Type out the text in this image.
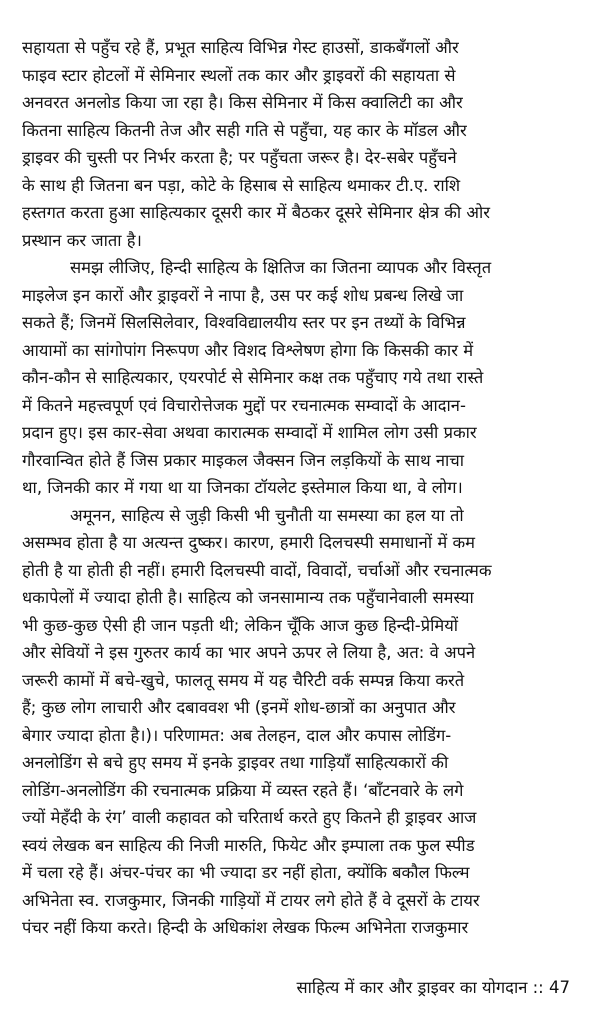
सहायता से पहुँच रहे हैं, प्रभूत साहित्य विभिन्न गेस्ट हाउसों, डाकबँगलों और
फाइव स्टार होटलों में सेमिनार स्थलों तक कार और ड्राइवरों की सहायता से
अनवरत अनलोड किया जा रहा है। किस सेमिनार में किस क्वालिटी का और
कितना साहित्य कितनी तेज और सही गति से पहुँचा, यह कार के मॉडल और
ड्राइवर की चुस्ती पर निर्भर करता है; पर पहुँचता जरूर है। देर-सबेर पहुँचने
के साथ ही जितना बन पड़ा, कोटे के हिसाब से साहित्य थमाकर टी.ए. राशि
हस्तगत करता हुआ साहित्यकार दूसरी कार में बैठकर दूसरे सेमिनार क्षेत्र की ओर
प्रस्थान कर जाता है।

समझ लीजिए, हिन्दी साहित्य के क्षितिज का जितना व्यापक और विस्तृत
माइलेज इन कारों और ड्राइवरों ने नापा है, उस पर कई शोध प्रबन्ध लिखे जा
सकते हैं; जिनमें सिलसिलेवार, विश्वविद्यालयीय स्तर पर इन तथ्यों के विभिन्न
आयामों का सांगोपांग निरूपण और विशद विश्लेषण होगा कि किसकी कार में
कौन-कौन से साहित्यकार, एयरपोर्ट से सेमिनार कक्ष तक पहुँचाए गये तथा रास्ते
में कितने महत्त्वपूर्ण एवं विचारोत्तेजक मुद्दों पर रचनात्मक सम्वादों के आदान-
प्रदान हुए। इस कार-सेवा अथवा कारात्मक सम्वादों में शामिल लोग उसी प्रकार
गौरवान्वित होते हैं जिस प्रकार माइकल जैक्सन जिन लड़कियों के साथ नाचा
था, जिनकी कार में गया था या जिनका टॉयलेट इस्तेमाल किया था, वे लोग।

अमूनन, साहित्य से जुड़ी किसी भी चुनौती या समस्या का हल या तो
असम्भव होता है या अत्यन्त दुष्कर। कारण, हमारी दिलचस्पी समाधानों में कम
होती है या होती ही नहीं। हमारी दिलचस्पी वादों, विवादों, चर्चाओं और रचनात्मक
धकापेलों में ज्यादा होती है। साहित्य को जनसामान्य तक पहुँचानेवाली समस्या
भी कुछ-कुछ ऐसी ही जान पड़ती थी; लेकिन चूँकि आज कुछ हिन्दी-प्रेमियों
और सेवियों ने इस गुरुतर कार्य का भार अपने ऊपर ले लिया है, अत: वे अपने
जरूरी कामों में बचे-खुचे, फालतू समय में यह चैरिटी वर्क सम्पन्न किया करते
हैं; कुछ लोग लाचारी और दबाववश भी (इनमें शोध-छात्रों का अनुपात और
बेगार ज्यादा होता है।)। परिणामत: अब तेलहन, दाल और कपास लोडिंग-
अनलोडिंग से बचे हुए समय में इनके ड्राइवर तथा गाड़ियाँ साहित्यकारों की
लोडिंग-अनलोडिंग की रचनात्मक प्रक्रिया में व्यस्त रहते हैं। ‘बाँटनवारे के लगे
ज्यों मेहँदी के रंग’ वाली कहावत को चरितार्थ करते हुए कितने ही ड्राइवर आज
स्वयं लेखक बन साहित्य की निजी मारुति, फियेट और इम्पाला तक फुल स्पीड
में चला रहे हैं। अंचर-पंचर का भी ज्यादा डर नहीं होता, क्योंकि बकौल फिल्म
अभिनेता स्व. राजकुमार, जिनकी गाड़ियों में टायर लगे होते हैं वे दूसरों के टायर
पंचर नहीं किया करते। हिन्दी के अधिकांश लेखक फिल्म अभिनेता राजकुमार

साहित्य में कार और ड्राइवर का योगदान :: 47
